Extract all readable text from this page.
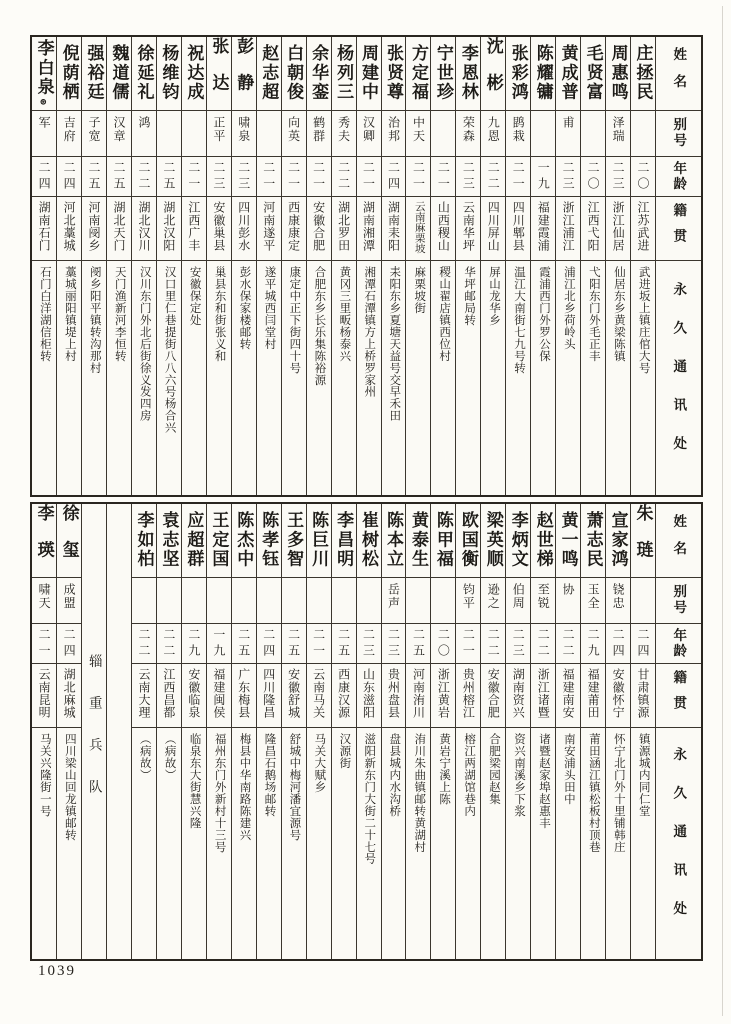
姓名
别号
年龄
籍贯
永久通讯处
庄拯民
二〇
江苏武进
武进坂上镇庄倌大号
周惠鸣
泽瑞
二三
浙江仙居
仙居东乡黄梁陈镇
毛贤富
二〇
江西弋阳
弋阳东门外毛正丰
黄成普
甫
二三
浙江浦江
浦江北乡荷岭头
陈耀镛
一九
福建霞浦
霞浦西门外罗公保
张彩鸿
鹍栽
二一
四川郫县
温江大南街七九号转
沈彬
九恩
二二
四川屏山
屏山龙华乡
李恩林
荣森
二三
云南华坪
华坪邮局转
宁世珍
二一
山西稷山
稷山翟店镇西位村
方定福
中天
二一
云南麻栗坡
麻栗坡街
张贤尊
治邦
二四
湖南耒阳
耒阳东乡夏塘天益号交早禾田
周建中
汉卿
二一
湖南湘潭
湘潭石潭镇方上桥罗家州
杨列三
秀夫
二二
湖北罗田
黄冈三里畈杨泰兴
余华銮
鹤群
二一
安徽合肥
合肥东乡长乐集陈裕源
白朝俊
向英
二一
西康康定
康定中正下街四十号
赵志超
二一
河南遂平
遂平城西闫堂村
彭静
啸泉
二三
四川彭水
彭水保家楼邮转
张达
正平
二三
安徽巢县
巢县东和街张义和
祝达成
二一
江西广丰
安徽保定处
杨维钧
二五
湖北汉阳
汉口里仁巷提街八八六号杨合兴
徐延礼
鸿
二二
湖北汉川
汉川东门外北后街徐义发四房
魏道儒
汉章
二五
湖北天门
天门渔新河李恒转
强裕廷
子宽
二五
河南阌乡
阌乡阳平镇转沟那村
倪荫栖
吉府
二四
河北藁城
藁城丽阳镇堤上村
李白泉⊛
军
二四
湖南石门
石门白洋湖信柜转
姓名
别号
年龄
籍贯
永久通讯处
朱琏
二四
甘肃镇源
镇源城内同仁堂
宣家鸿
铙忠
二四
安徽怀宁
怀宁北门外十里铺韩庄
萧志民
玉全
二九
福建莆田
莆田涵江镇松板村顶巷
黄一鸣
协
二二
福建南安
南安浦头田中
赵世梯
至锐
二二
浙江诸暨
诸暨赵家埠赵惠丰
李炳文
伯周
二三
湖南资兴
资兴南溪乡下浆
梁英顺
逊之
二二
安徽合肥
合肥梁园赵集
欧国衡
钧平
二一
贵州榕江
榕江两湖馆巷内
陈甲福
二〇
浙江黄岩
黄岩宁溪上陈
黄泰生
二五
河南洧川
洧川朱曲镇邮转黄湖村
陈本立
岳声
二三
贵州盘县
盘县城内水沟桥
崔树松
二三
山东滋阳
滋阳新东门大街二十七号
李昌明
二五
西康汉源
汉源街
陈巨川
二一
云南马关
马关大赋乡
王多智
二五
安徽舒城
舒城中梅河潘宜源号
陈孝钰
二四
四川隆昌
隆昌石鹅场邮转
陈杰中
二五
广东梅县
梅县中华南路陈建兴
王定国
一九
福建闽侯
福州东门外新村十三号
应超群
二九
安徽临泉
临泉东大街慧兴隆
袁志坚
二二
江西昌都
（病故）
李如柏
二二
云南大理
（病故）
辎重兵队
徐玺
成盟
二四
湖北麻城
四川梁山回龙镇邮转
李瑛
啸天
二一
云南昆明
马关兴隆街一号
1039
